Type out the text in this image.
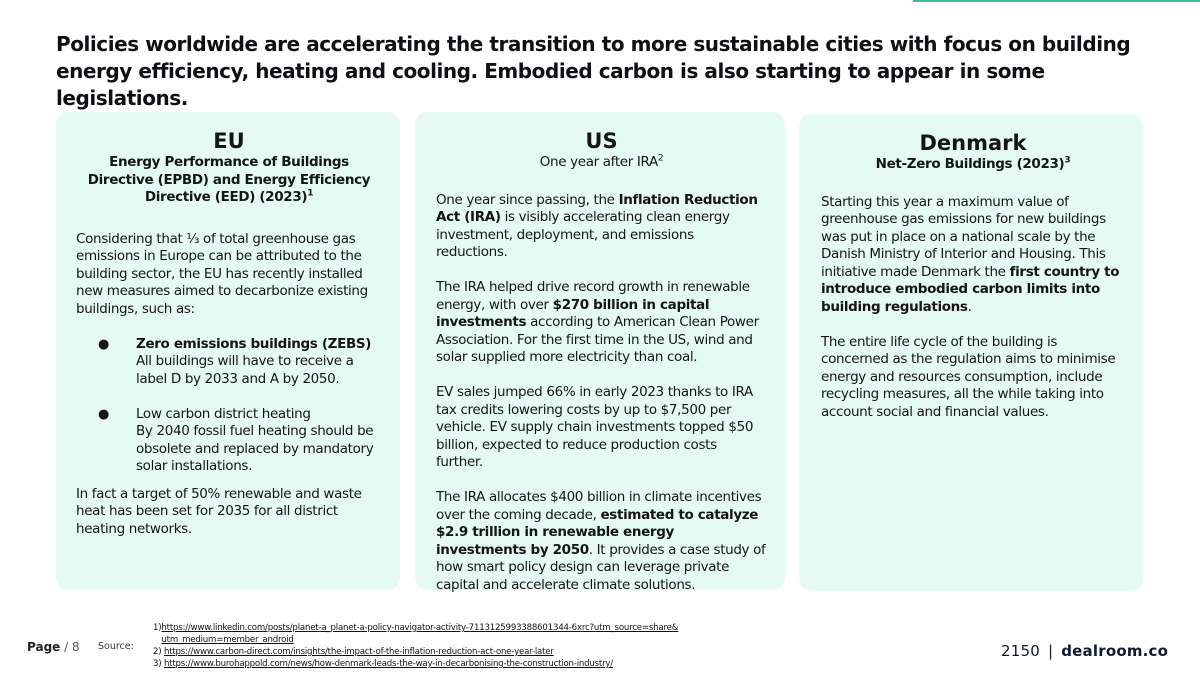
Policies worldwide are accelerating the transition to more sustainable cities with focus on building energy efficiency, heating and cooling. Embodied carbon is also starting to appear in some legislations.
EU

Energy Performance of Buildings Directive (EPBD) and Energy Efficiency Directive (EED) $(2023)^1$

Considering that ⅓ of total greenhouse gas emissions in Europe can be attributed to the building sector, the EU has recently installed new measures aimed to decarbonize existing buildings, such as:

●	Zero emissions buildings (ZEBS)

All buildings will have to receive a label D by 2033 and A by 2050.

●	Low carbon district heating

By 2040 fossil fuel heating should be obsolete and replaced by mandatory solar installations.

In fact a target of 50% renewable and waste heat has been set for 2035 for all district heating networks.

US

One year after IRA$^2$

One year since passing, the Inflation Reduction Act (IRA) is visibly accelerating clean energy investment, deployment, and emissions reductions.

The IRA helped drive record growth in renewable energy, with over $270 billion in capital investments according to American Clean Power Association. For the first time in the US, wind and solar supplied more electricity than coal.

EV sales jumped 66% in early 2023 thanks to IRA tax credits lowering costs by up to $7,500 per vehicle. EV supply chain investments topped $50 billion, expected to reduce production costs further.

The IRA allocates $400 billion in climate incentives over the coming decade, estimated to catalyze $2.9 trillion in renewable energy investments by 2050. It provides a case study of how smart policy design can leverage private capital and accelerate climate solutions.

Denmark

Net-Zero Buildings $(2023)^3$

Starting this year a maximum value of greenhouse gas emissions for new buildings was put in place on a national scale by the Danish Ministry of Interior and Housing. This initiative made Denmark the first country to introduce embodied carbon limits into building regulations.

The entire life cycle of the building is concerned as the regulation aims to minimise energy and resources consumption, include recycling measures, all the while taking into account social and financial values.

Page / 8 Source:
1) https://www.linkedin.com/posts/planet-a_planet-a-policy-navigator-activity-7113125993388601344-6xrc?utm_source=share&utm_medium=member_android
2)
https://www.carbon-direct.com/insights/the-impact-of-the-inflation-reduction-act-one-year-later
3)
https://www.burohappold.com/news/how-denmark-leads-the-way-in-decarbonising-the-construction-industry/
2150 | dealroom.co
